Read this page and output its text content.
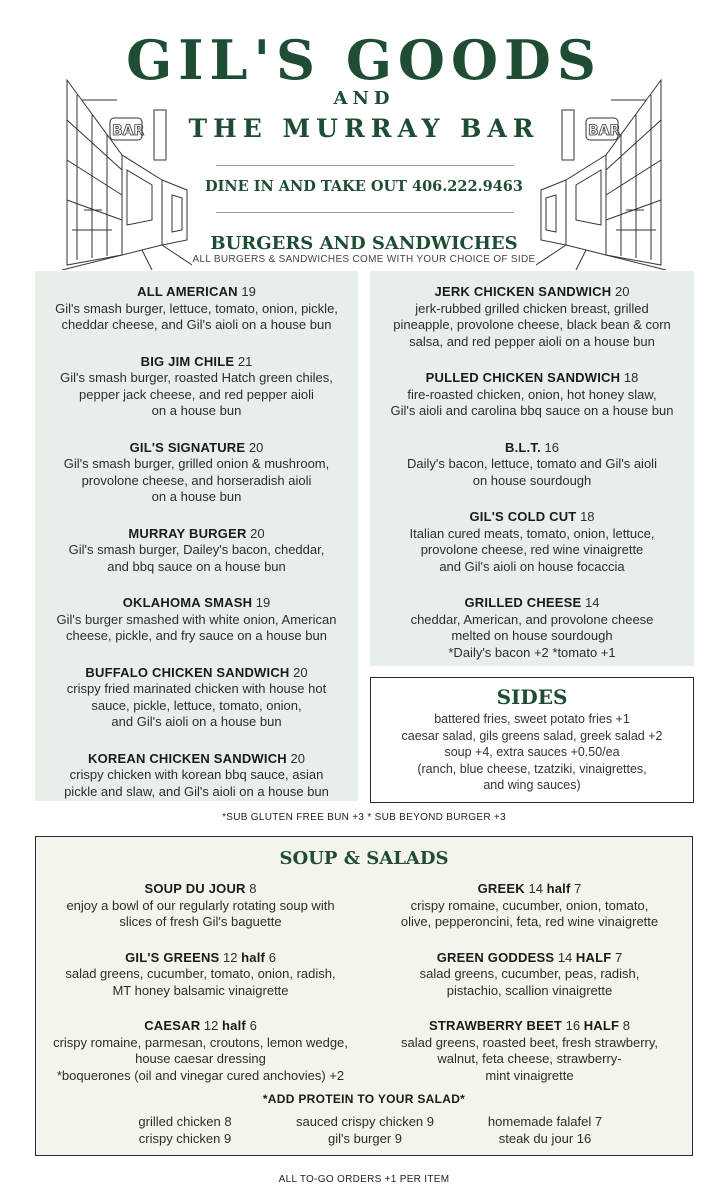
BAR	BAR
GIL'S GOODS
AND
THE MURRAY BAR
DINE IN AND TAKE OUT 406.222.9463
BURGERS AND SANDWICHES
ALL BURGERS & SANDWICHES COME WITH YOUR CHOICE OF SIDE
ALL AMERICAN 19
Gil's smash burger, lettuce, tomato, onion, pickle,
cheddar cheese, and Gil's aioli on a house bun
BIG JIM CHILE 21
Gil's smash burger, roasted Hatch green chiles,
pepper jack cheese, and red pepper aioli
on a house bun
GIL'S SIGNATURE 20
Gil's smash burger, grilled onion & mushroom,
provolone cheese, and horseradish aioli
on a house bun
MURRAY BURGER 20
Gil's smash burger, Dailey's bacon, cheddar,
and bbq sauce on a house bun
OKLAHOMA SMASH 19
Gil's burger smashed with white onion, American
cheese, pickle, and fry sauce on a house bun
BUFFALO CHICKEN SANDWICH 20
crispy fried marinated chicken with house hot
sauce, pickle, lettuce, tomato, onion,
and Gil's aioli on a house bun
KOREAN CHICKEN SANDWICH 20
crispy chicken with korean bbq sauce, asian
pickle and slaw, and Gil's aioli on a house bun
JERK CHICKEN SANDWICH 20
jerk-rubbed grilled chicken breast, grilled
pineapple, provolone cheese, black bean & corn
salsa, and red pepper aioli on a house bun
PULLED CHICKEN SANDWICH 18
fire-roasted chicken, onion, hot honey slaw,
Gil's aioli and carolina bbq sauce on a house bun
B.L.T. 16
Daily's bacon, lettuce, tomato and Gil's aioli
on house sourdough
GIL'S COLD CUT 18
Italian cured meats, tomato, onion, lettuce,
provolone cheese, red wine vinaigrette
and Gil's aioli on house focaccia
GRILLED CHEESE 14
cheddar, American, and provolone cheese
melted on house sourdough
*Daily's bacon +2 *tomato +1
SIDES
battered fries, sweet potato fries +1
caesar salad, gils greens salad, greek salad +2
soup +4, extra sauces +0.50/ea
(ranch, blue cheese, tzatziki, vinaigrettes,
and wing sauces)
*SUB GLUTEN FREE BUN +3 * SUB BEYOND BURGER +3
SOUP & SALADS
SOUP DU JOUR 8
enjoy a bowl of our regularly rotating soup with
slices of fresh Gil's baguette
GIL'S GREENS 12 half 6
salad greens, cucumber, tomato, onion, radish,
MT honey balsamic vinaigrette
CAESAR 12 half 6
crispy romaine, parmesan, croutons, lemon wedge,
house caesar dressing
*boquerones (oil and vinegar cured anchovies) +2
GREEK 14 half 7
crispy romaine, cucumber, onion, tomato,
olive, pepperoncini, feta, red wine vinaigrette
GREEN GODDESS 14 HALF 7
salad greens, cucumber, peas, radish,
pistachio, scallion vinaigrette
STRAWBERRY BEET 16 HALF 8
salad greens, roasted beet, fresh strawberry,
walnut, feta cheese, strawberry-
mint vinaigrette
*ADD PROTEIN TO YOUR SALAD*
grilled chicken 8	sauced crispy chicken 9	homemade falafel 7
crispy chicken 9	gil's burger 9	steak du jour 16
ALL TO-GO ORDERS +1 PER ITEM
